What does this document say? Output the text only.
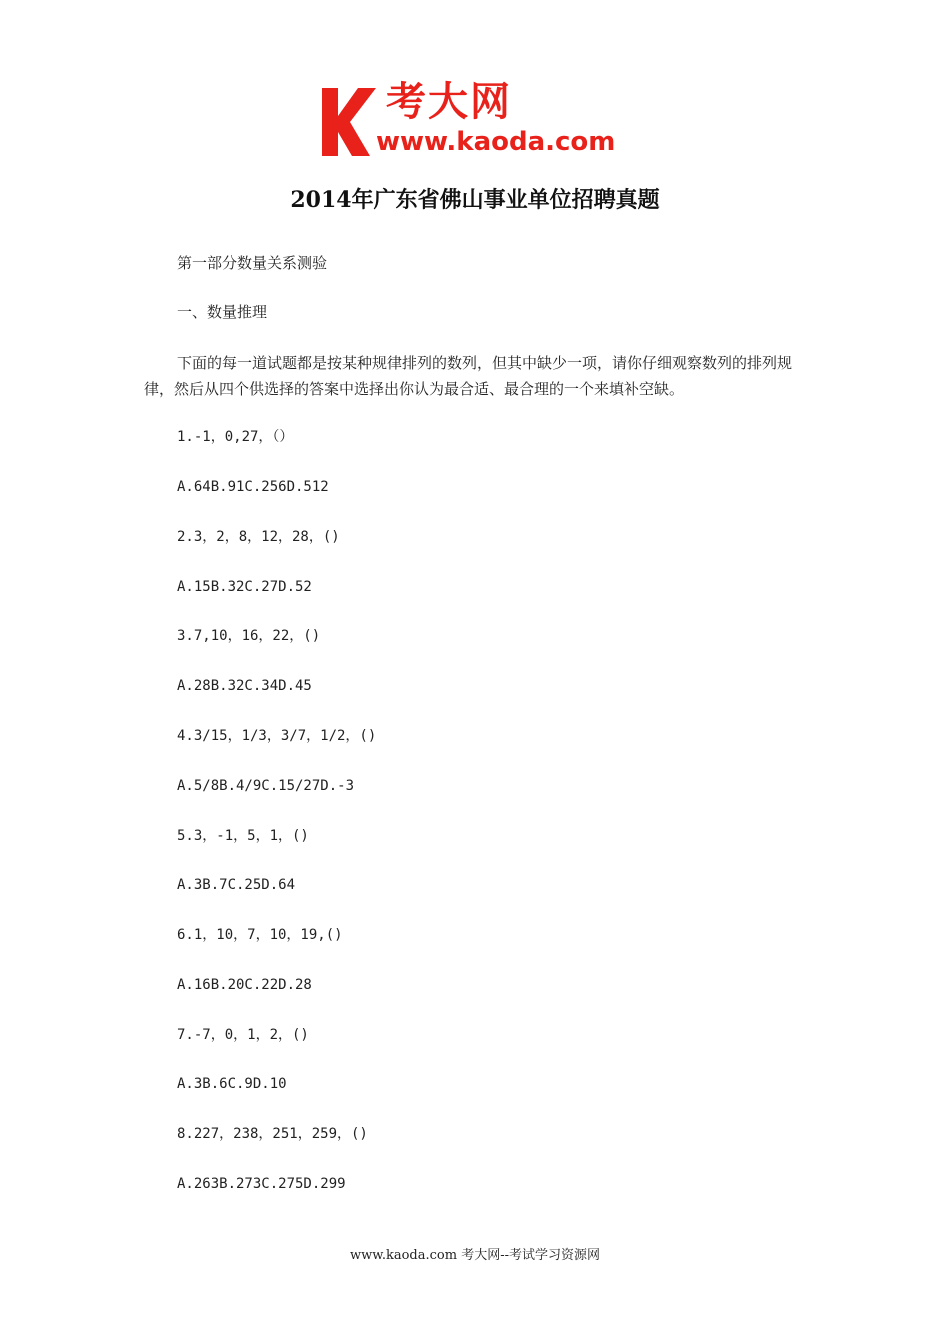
考大网
www.kaoda.com
2014年广东省佛山事业单位招聘真题
第一部分数量关系测验
一、数量推理
下面的每一道试题都是按某种规律排列的数列，但其中缺少一项，请你仔细观察数列的排列规律，然后从四个供选择的答案中选择出你认为最合适、最合理的一个来填补空缺。
1.-1，0,27，（）
A.64B.91C.256D.512
2.3，2，8，12，28，()
A.15B.32C.27D.52
3.7,10，16，22，()
A.28B.32C.34D.45
4.3/15，1/3，3/7，1/2，()
A.5/8B.4/9C.15/27D.-3
5.3，-1，5，1，()
A.3B.7C.25D.64
6.1，10，7，10，19,()
A.16B.20C.22D.28
7.-7，0，1，2，()
A.3B.6C.9D.10
8.227，238，251，259，()
A.263B.273C.275D.299
www.kaoda.com 考大网--考试学习资源网
